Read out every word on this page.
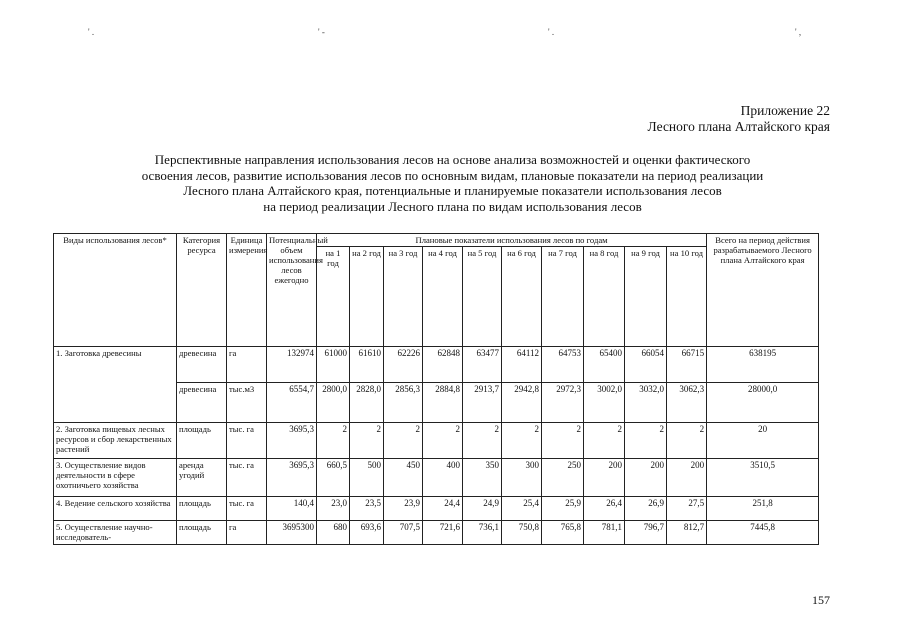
' .	' -	' .	' ,
Приложение 22
Лесного плана Алтайского края
Перспективные направления использования лесов на основе анализа возможностей и оценки фактического
освоения лесов, развитие использования лесов по основным видам, плановые показатели на период реализации
Лесного плана Алтайского края, потенциальные и планируемые показатели использования лесов
на период реализации Лесного плана по видам использования лесов
Виды использования лесов*	Категория ресурса	Единица измерения	Потенциальный объем использования лесов ежегодно	Плановые показатели использования лесов по годам										Всего на период действия разрабатываемого Лесного плана Алтайского края
				на 1 год	на 2 год	на 3 год	на 4 год	на 5 год	на 6 год	на 7 год	на 8 год	на 9 год	на 10 год	
1. Заготовка древесины	древесина	га	132974	61000	61610	62226	62848	63477	64112	64753	65400	66054	66715	638195
	древесина	тыс.м3	6554,7	2800,0	2828,0	2856,3	2884,8	2913,7	2942,8	2972,3	3002,0	3032,0	3062,3	28000,0
2. Заготовка пищевых лесных ресурсов и сбор лекарственных растений	площадь	тыс. га	3695,3	2	2	2	2	2	2	2	2	2	2	20
3. Осуществление видов деятельности в сфере охотничьего хозяйства	аренда угодий	тыс. га	3695,3	660,5	500	450	400	350	300	250	200	200	200	3510,5
4. Ведение сельского хозяйства	площадь	тыс. га	140,4	23,0	23,5	23,9	24,4	24,9	25,4	25,9	26,4	26,9	27,5	251,8
5. Осуществление научно-исследователь-	площадь	га	3695300	680	693,6	707,5	721,6	736,1	750,8	765,8	781,1	796,7	812,7	7445,8
157
